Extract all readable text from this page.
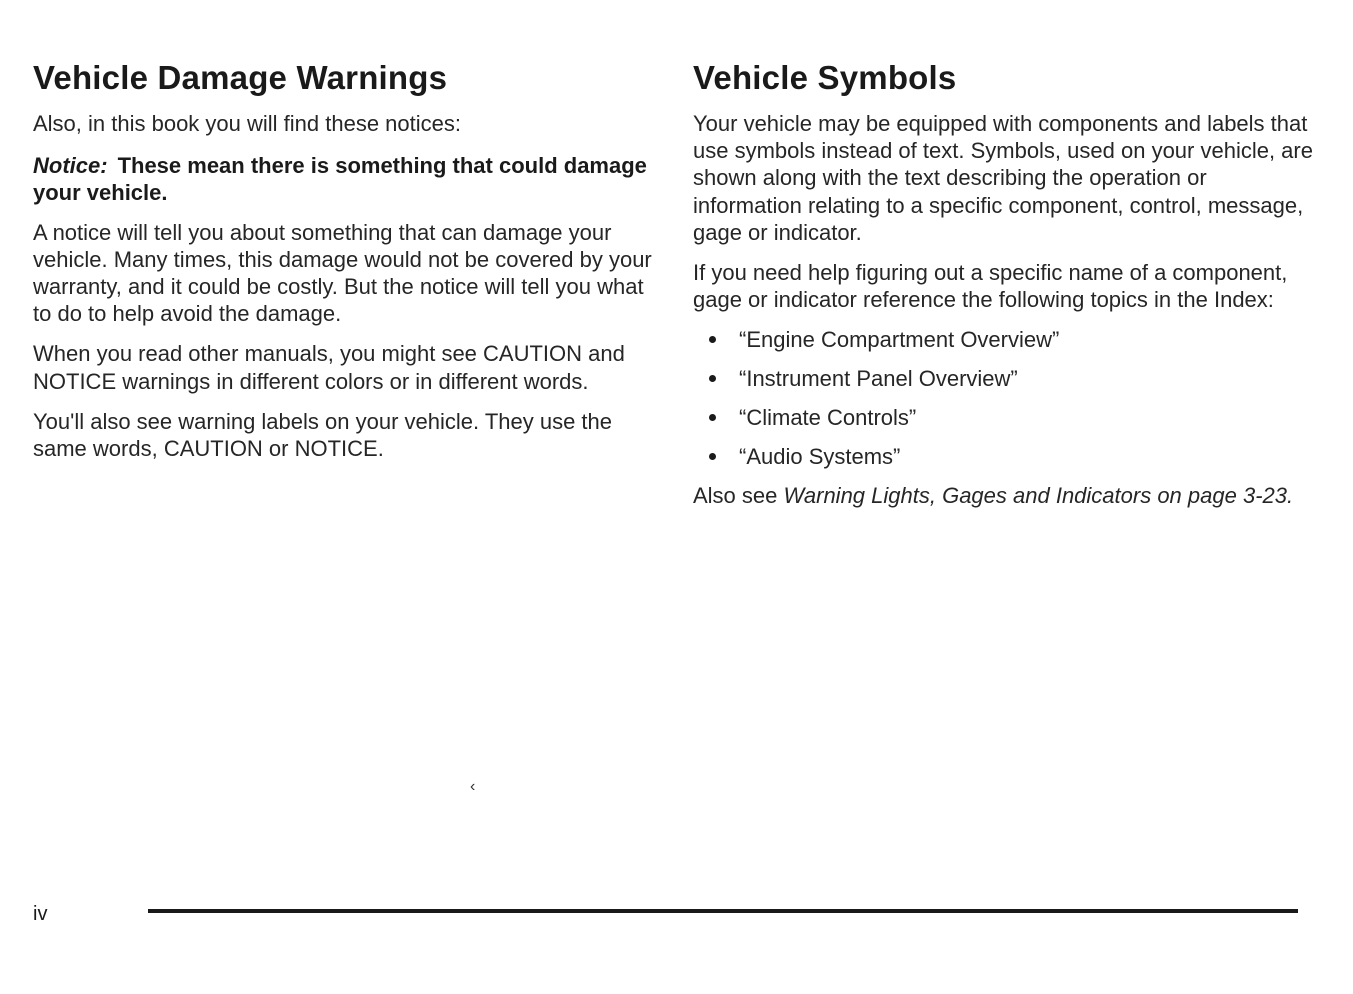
Vehicle Damage Warnings

Also, in this book you will find these notices:

Notice: These mean there is something that could damage your vehicle.

A notice will tell you about something that can damage your vehicle. Many times, this damage would not be covered by your warranty, and it could be costly. But the notice will tell you what to do to help avoid the damage.

When you read other manuals, you might see CAUTION and NOTICE warnings in different colors or in different words.

You'll also see warning labels on your vehicle. They use the same words, CAUTION or NOTICE.

Vehicle Symbols

Your vehicle may be equipped with components and labels that use symbols instead of text. Symbols, used on your vehicle, are shown along with the text describing the operation or information relating to a specific component, control, message, gage or indicator.

If you need help figuring out a specific name of a component, gage or indicator reference the following topics in the Index:

“Engine Compartment Overview”
“Instrument Panel Overview”
“Climate Controls”
“Audio Systems”

Also see Warning Lights, Gages and Indicators on page 3-23.

‹
iv
